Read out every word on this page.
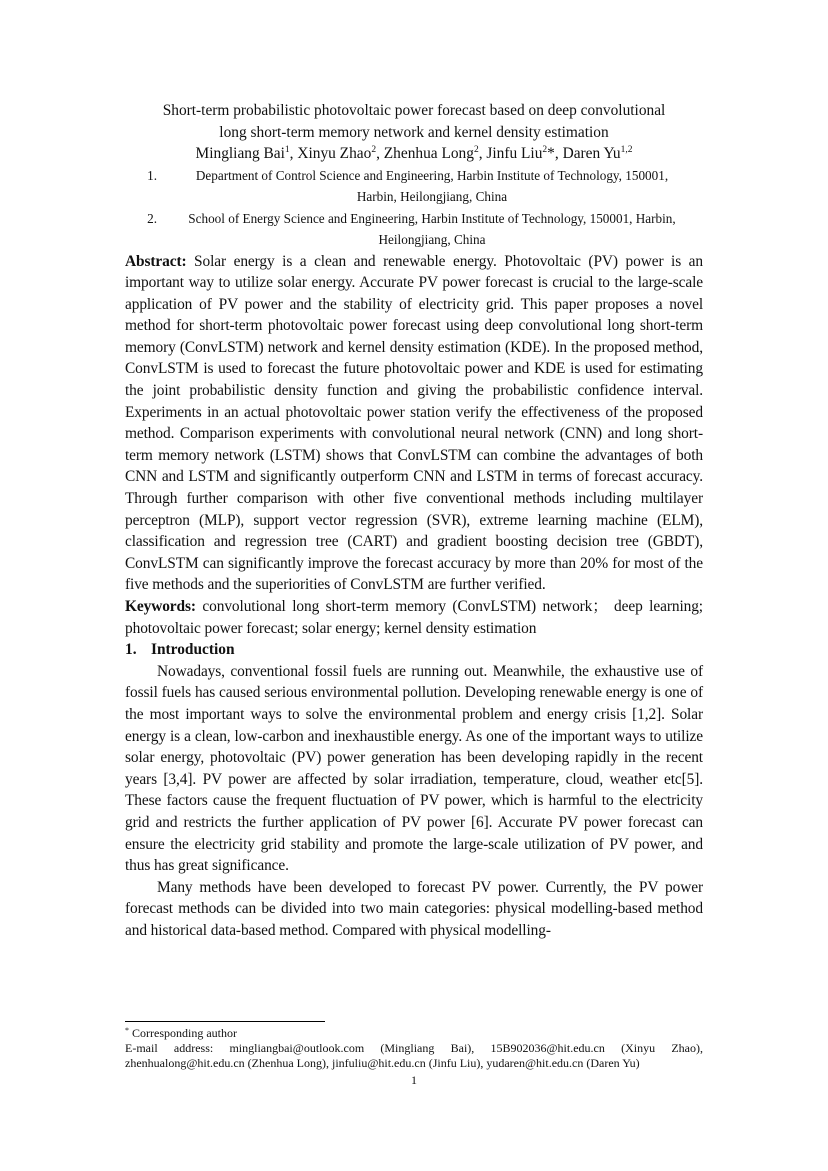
Short-term probabilistic photovoltaic power forecast based on deep convolutional

long short-term memory network and kernel density estimation

Mingliang Bai$^1$, Xinyu Zhao$^2$, Zhenhua Long$^2$, Jinfu Liu$^2$*, Daren Yu$^{1,2}$

1.	Department of Control Science and Engineering, Harbin Institute of Technology, 150001,
Harbin, Heilongjiang, China
2.	School of Energy Science and Engineering, Harbin Institute of Technology, 150001, Harbin,
Heilongjiang, China

Abstract: Solar energy is a clean and renewable energy. Photovoltaic (PV) power is an important way to utilize solar energy. Accurate PV power forecast is crucial to the large-scale application of PV power and the stability of electricity grid. This paper proposes a novel method for short-term photovoltaic power forecast using deep convolutional long short-term memory (ConvLSTM) network and kernel density estimation (KDE). In the proposed method, ConvLSTM is used to forecast the future photovoltaic power and KDE is used for estimating the joint probabilistic density function and giving the probabilistic confidence interval. Experiments in an actual photovoltaic power station verify the effectiveness of the proposed method. Comparison experiments with convolutional neural network (CNN) and long short-term memory network (LSTM) shows that ConvLSTM can combine the advantages of both CNN and LSTM and significantly outperform CNN and LSTM in terms of forecast accuracy. Through further comparison with other five conventional methods including multilayer perceptron (MLP), support vector regression (SVR), extreme learning machine (ELM), classification and regression tree (CART) and gradient boosting decision tree (GBDT), ConvLSTM can significantly improve the forecast accuracy by more than 20% for most of the five methods and the superiorities of ConvLSTM are further verified.

Keywords: convolutional long short-term memory (ConvLSTM) network； deep learning; photovoltaic power forecast; solar energy; kernel density estimation

1. Introduction

Nowadays, conventional fossil fuels are running out. Meanwhile, the exhaustive use of fossil fuels has caused serious environmental pollution. Developing renewable energy is one of the most important ways to solve the environmental problem and energy crisis [1,2]. Solar energy is a clean, low-carbon and inexhaustible energy. As one of the important ways to utilize solar energy, photovoltaic (PV) power generation has been developing rapidly in the recent years [3,4]. PV power are affected by solar irradiation, temperature, cloud, weather etc[5]. These factors cause the frequent fluctuation of PV power, which is harmful to the electricity grid and restricts the further application of PV power [6]. Accurate PV power forecast can ensure the electricity grid stability and promote the large-scale utilization of PV power, and thus has great significance.

Many methods have been developed to forecast PV power. Currently, the PV power forecast methods can be divided into two main categories: physical modelling-based method and historical data-based method. Compared with physical modelling-

* Corresponding author

E-mail address: mingliangbai@outlook.com (Mingliang Bai), 15B902036@hit.edu.cn (Xinyu Zhao), zhenhualong@hit.edu.cn (Zhenhua Long), jinfuliu@hit.edu.cn (Jinfu Liu), yudaren@hit.edu.cn (Daren Yu)

1
